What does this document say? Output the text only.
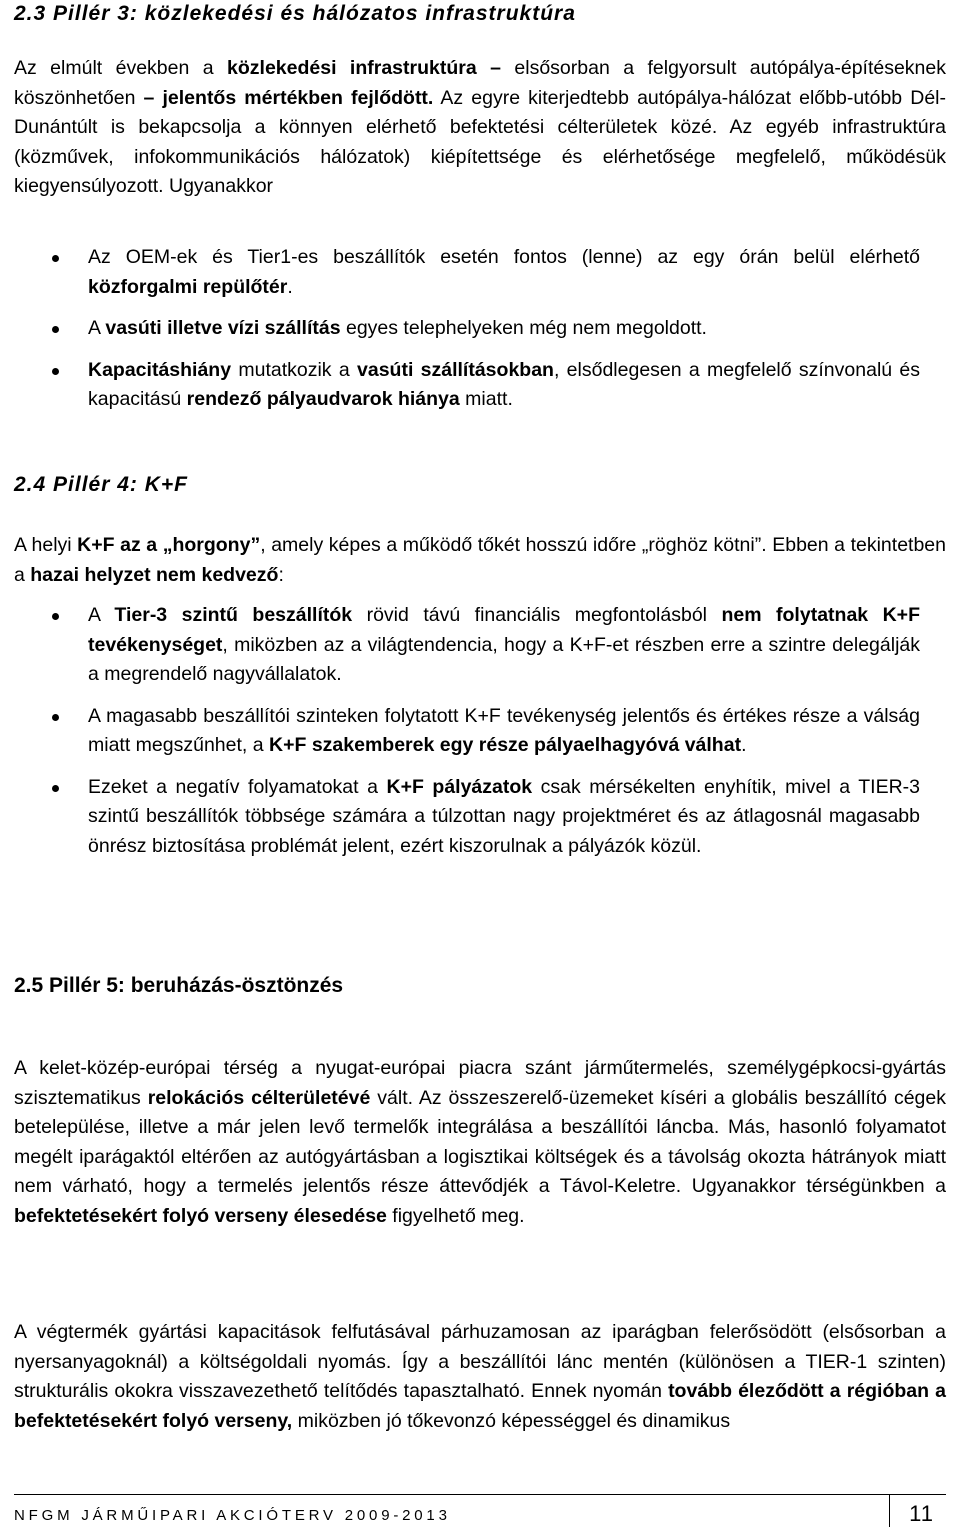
2.3 Pillér 3: közlekedési és hálózatos infrastruktúra

Az elmúlt években a közlekedési infrastruktúra – elsősorban a felgyorsult autópálya-építéseknek köszönhetően – jelentős mértékben fejlődött. Az egyre kiterjedtebb autópálya-hálózat előbb-utóbb Dél-Dunántúlt is bekapcsolja a könnyen elérhető befektetési célterületek közé. Az egyéb infrastruktúra (közművek, infokommunikációs hálózatok) kiépítettsége és elérhetősége megfelelő, működésük kiegyensúlyozott. Ugyanakkor

Az OEM-ek és Tier1-es beszállítók esetén fontos (lenne) az egy órán belül elérhető közforgalmi repülőtér.
A vasúti illetve vízi szállítás egyes telephelyeken még nem megoldott.
Kapacitáshiány mutatkozik a vasúti szállításokban, elsődlegesen a megfelelő színvonalú és kapacitású rendező pályaudvarok hiánya miatt.
2.4 Pillér 4: K+F

A helyi K+F az a „horgony”, amely képes a működő tőkét hosszú időre „röghöz kötni”. Ebben a tekintetben a hazai helyzet nem kedvező:

A Tier-3 szintű beszállítók rövid távú financiális megfontolásból nem folytatnak K+F tevékenységet, miközben az a világtendencia, hogy a K+F-et részben erre a szintre delegálják a megrendelő nagyvállalatok.
A magasabb beszállítói szinteken folytatott K+F tevékenység jelentős és értékes része a válság miatt megszűnhet, a K+F szakemberek egy része pályaelhagyóvá válhat.
Ezeket a negatív folyamatokat a K+F pályázatok csak mérsékelten enyhítik, mivel a TIER-3 szintű beszállítók többsége számára a túlzottan nagy projektméret és az átlagosnál magasabb önrész biztosítása problémát jelent, ezért kiszorulnak a pályázók közül.
2.5 Pillér 5: beruházás-ösztönzés

A kelet-közép-európai térség a nyugat-európai piacra szánt járműtermelés, személygépkocsi-gyártás szisztematikus relokációs célterületévé vált. Az összeszerelő-üzemeket kíséri a globális beszállító cégek betelepülése, illetve a már jelen levő termelők integrálása a beszállítói láncba. Más, hasonló folyamatot megélt iparágaktól eltérően az autógyártásban a logisztikai költségek és a távolság okozta hátrányok miatt nem várható, hogy a termelés jelentős része áttevődjék a Távol-Keletre. Ugyanakkor térségünkben a befektetésekért folyó verseny élesedése figyelhető meg.

A végtermék gyártási kapacitások felfutásával párhuzamosan az iparágban felerősödött (elsősorban a nyersanyagoknál) a költségoldali nyomás. Így a beszállítói lánc mentén (különösen a TIER-1 szinten) strukturális okokra visszavezethető telítődés tapasztalható. Ennek nyomán tovább éleződött a régióban a befektetésekért folyó verseny, miközben jó tőkevonzó képességgel és dinamikus

NFGM JÁRMŰIPARI AKCIÓTERV 2009-2013	11
